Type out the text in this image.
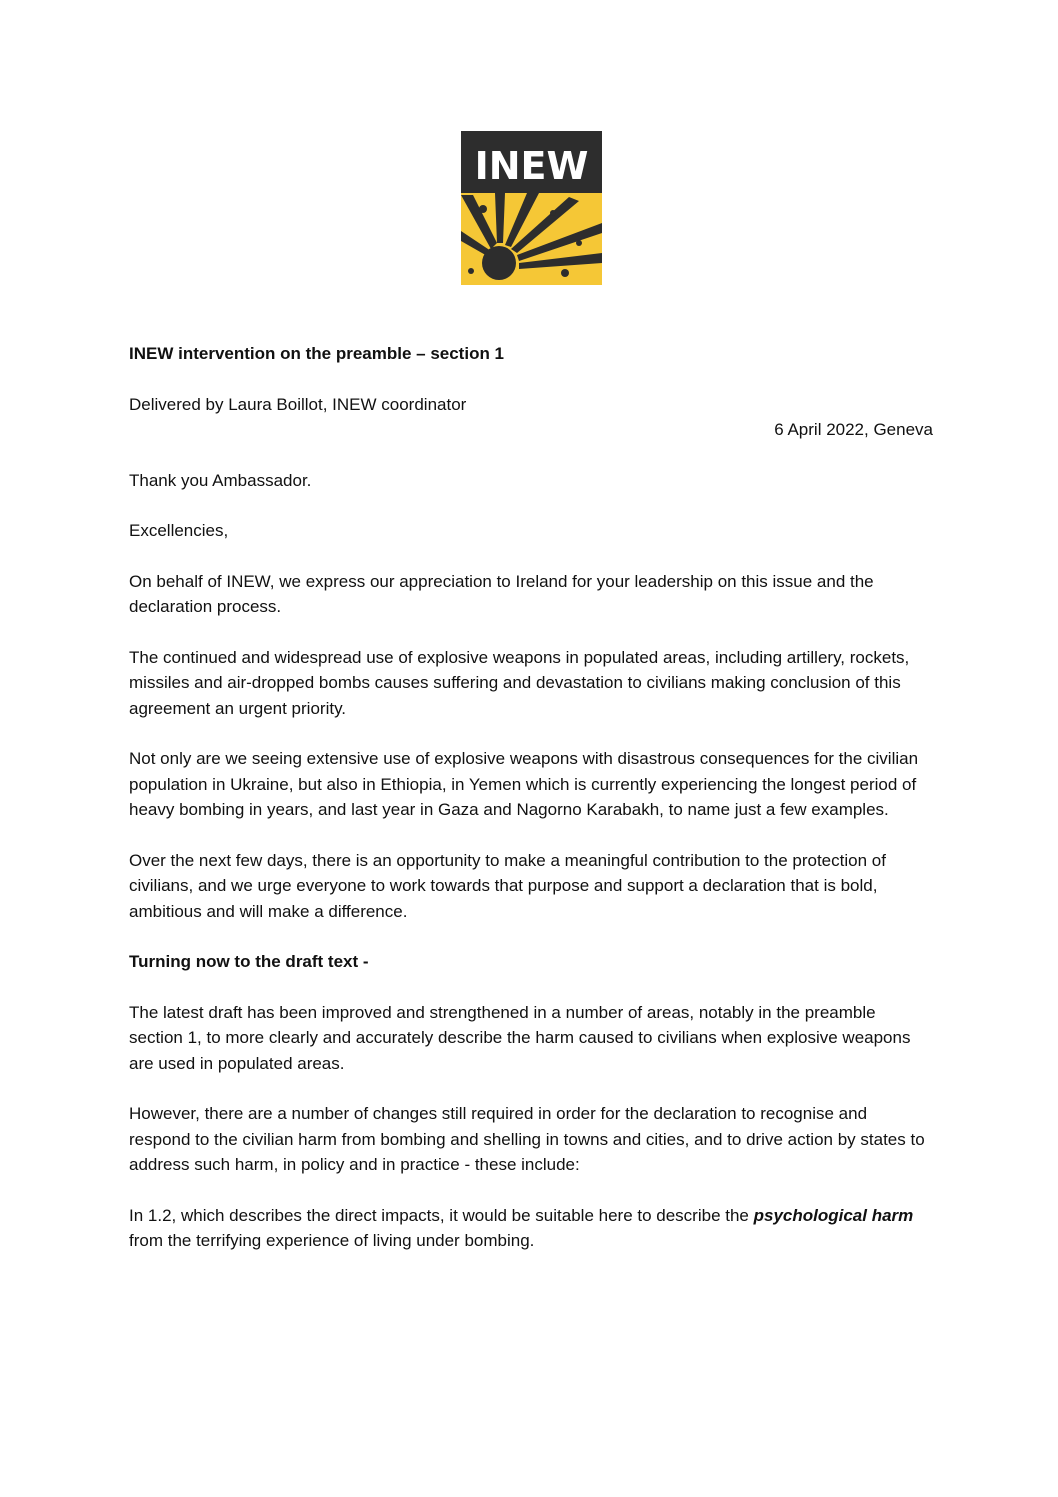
INEW

INEW intervention on the preamble – section 1

Delivered by Laura Boillot, INEW coordinator

6 April 2022, Geneva

Thank you Ambassador.

Excellencies,

On behalf of INEW, we express our appreciation to Ireland for your leadership on this issue and the declaration process.

The continued and widespread use of explosive weapons in populated areas, including artillery, rockets, missiles and air-dropped bombs causes suffering and devastation to civilians making conclusion of this agreement an urgent priority.

Not only are we seeing extensive use of explosive weapons with disastrous consequences for the civilian population in Ukraine, but also in Ethiopia, in Yemen which is currently experiencing the longest period of heavy bombing in years, and last year in Gaza and Nagorno Karabakh, to name just a few examples.

Over the next few days, there is an opportunity to make a meaningful contribution to the protection of civilians, and we urge everyone to work towards that purpose and support a declaration that is bold, ambitious and will make a difference.

Turning now to the draft text -

The latest draft has been improved and strengthened in a number of areas, notably in the preamble section 1, to more clearly and accurately describe the harm caused to civilians when explosive weapons are used in populated areas.

However, there are a number of changes still required in order for the declaration to recognise and respond to the civilian harm from bombing and shelling in towns and cities, and to drive action by states to address such harm, in policy and in practice - these include:

In 1.2, which describes the direct impacts, it would be suitable here to describe the psychological harm from the terrifying experience of living under bombing.
